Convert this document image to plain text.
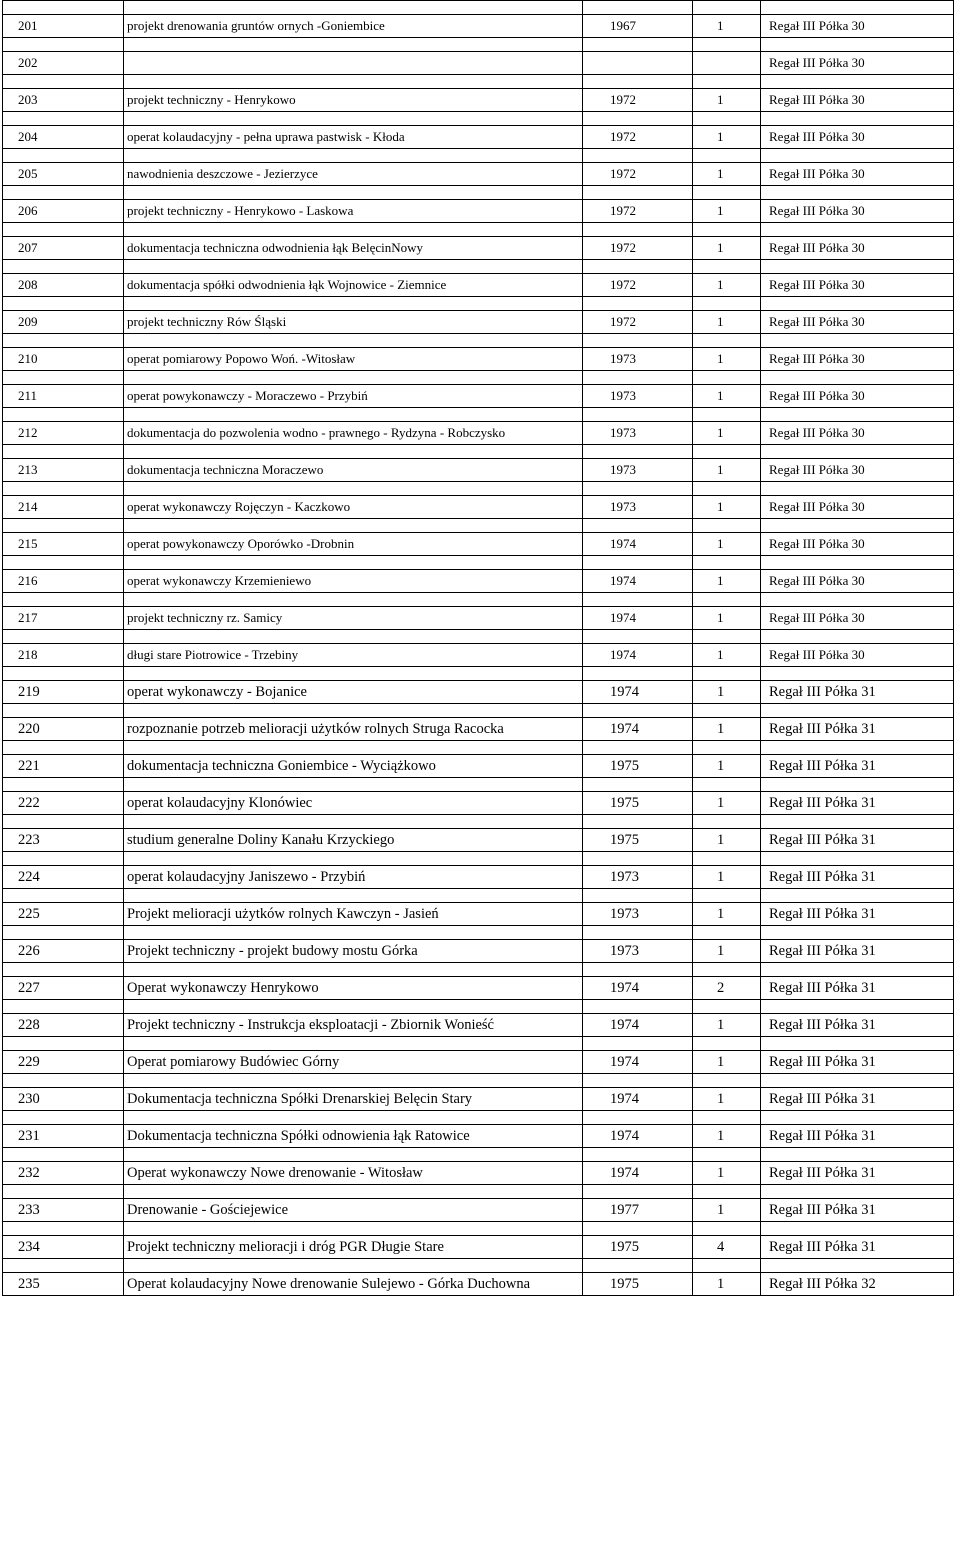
201	projekt drenowania gruntów ornych -Goniembice	1967	1	Regał III Półka 30

202				Regał III Półka 30

203	projekt techniczny - Henrykowo	1972	1	Regał III Półka 30

204	operat kolaudacyjny - pełna uprawa pastwisk - Kłoda	1972	1	Regał III Półka 30

205	nawodnienia deszczowe - Jezierzyce	1972	1	Regał III Półka 30

206	projekt techniczny - Henrykowo - Laskowa	1972	1	Regał III Półka 30

207	dokumentacja techniczna odwodnienia łąk BelęcinNowy	1972	1	Regał III Półka 30

208	dokumentacja spółki odwodnienia łąk Wojnowice - Ziemnice	1972	1	Regał III Półka 30

209	projekt techniczny Rów Śląski	1972	1	Regał III Półka 30

210	operat pomiarowy Popowo Woń. -Witosław	1973	1	Regał III Półka 30

211	operat powykonawczy - Moraczewo - Przybiń	1973	1	Regał III Półka 30

212	dokumentacja do pozwolenia wodno - prawnego - Rydzyna - Robczysko	1973	1	Regał III Półka 30

213	dokumentacja techniczna Moraczewo	1973	1	Regał III Półka 30

214	operat wykonawczy Rojęczyn - Kaczkowo	1973	1	Regał III Półka 30

215	operat powykonawczy Oporówko -Drobnin	1974	1	Regał III Półka 30

216	operat wykonawczy Krzemieniewo	1974	1	Regał III Półka 30

217	projekt techniczny rz. Samicy	1974	1	Regał III Półka 30

218	długi stare Piotrowice - Trzebiny	1974	1	Regał III Półka 30

219	operat wykonawczy - Bojanice	1974	1	Regał III Półka 31

220	rozpoznanie potrzeb melioracji użytków rolnych Struga Racocka	1974	1	Regał III Półka 31

221	dokumentacja techniczna Goniembice - Wyciążkowo	1975	1	Regał III Półka 31

222	operat kolaudacyjny Klonówiec	1975	1	Regał III Półka 31

223	studium generalne Doliny Kanału Krzyckiego	1975	1	Regał III Półka 31

224	operat kolaudacyjny Janiszewo - Przybiń	1973	1	Regał III Półka 31

225	Projekt melioracji użytków rolnych Kawczyn - Jasień	1973	1	Regał III Półka 31

226	Projekt techniczny - projekt budowy mostu Górka	1973	1	Regał III Półka 31

227	Operat wykonawczy Henrykowo	1974	2	Regał III Półka 31

228	Projekt techniczny - Instrukcja eksploatacji - Zbiornik Wonieść	1974	1	Regał III Półka 31

229	Operat pomiarowy Budówiec Górny	1974	1	Regał III Półka 31

230	Dokumentacja techniczna Spółki Drenarskiej Belęcin Stary	1974	1	Regał III Półka 31

231	Dokumentacja techniczna Spółki odnowienia łąk Ratowice	1974	1	Regał III Półka 31

232	Operat wykonawczy Nowe drenowanie - Witosław	1974	1	Regał III Półka 31

233	Drenowanie - Gościejewice	1977	1	Regał III Półka 31

234	Projekt techniczny melioracji i dróg PGR Długie Stare	1975	4	Regał III Półka 31

235	Operat kolaudacyjny Nowe drenowanie Sulejewo - Górka Duchowna	1975	1	Regał III Półka 32
